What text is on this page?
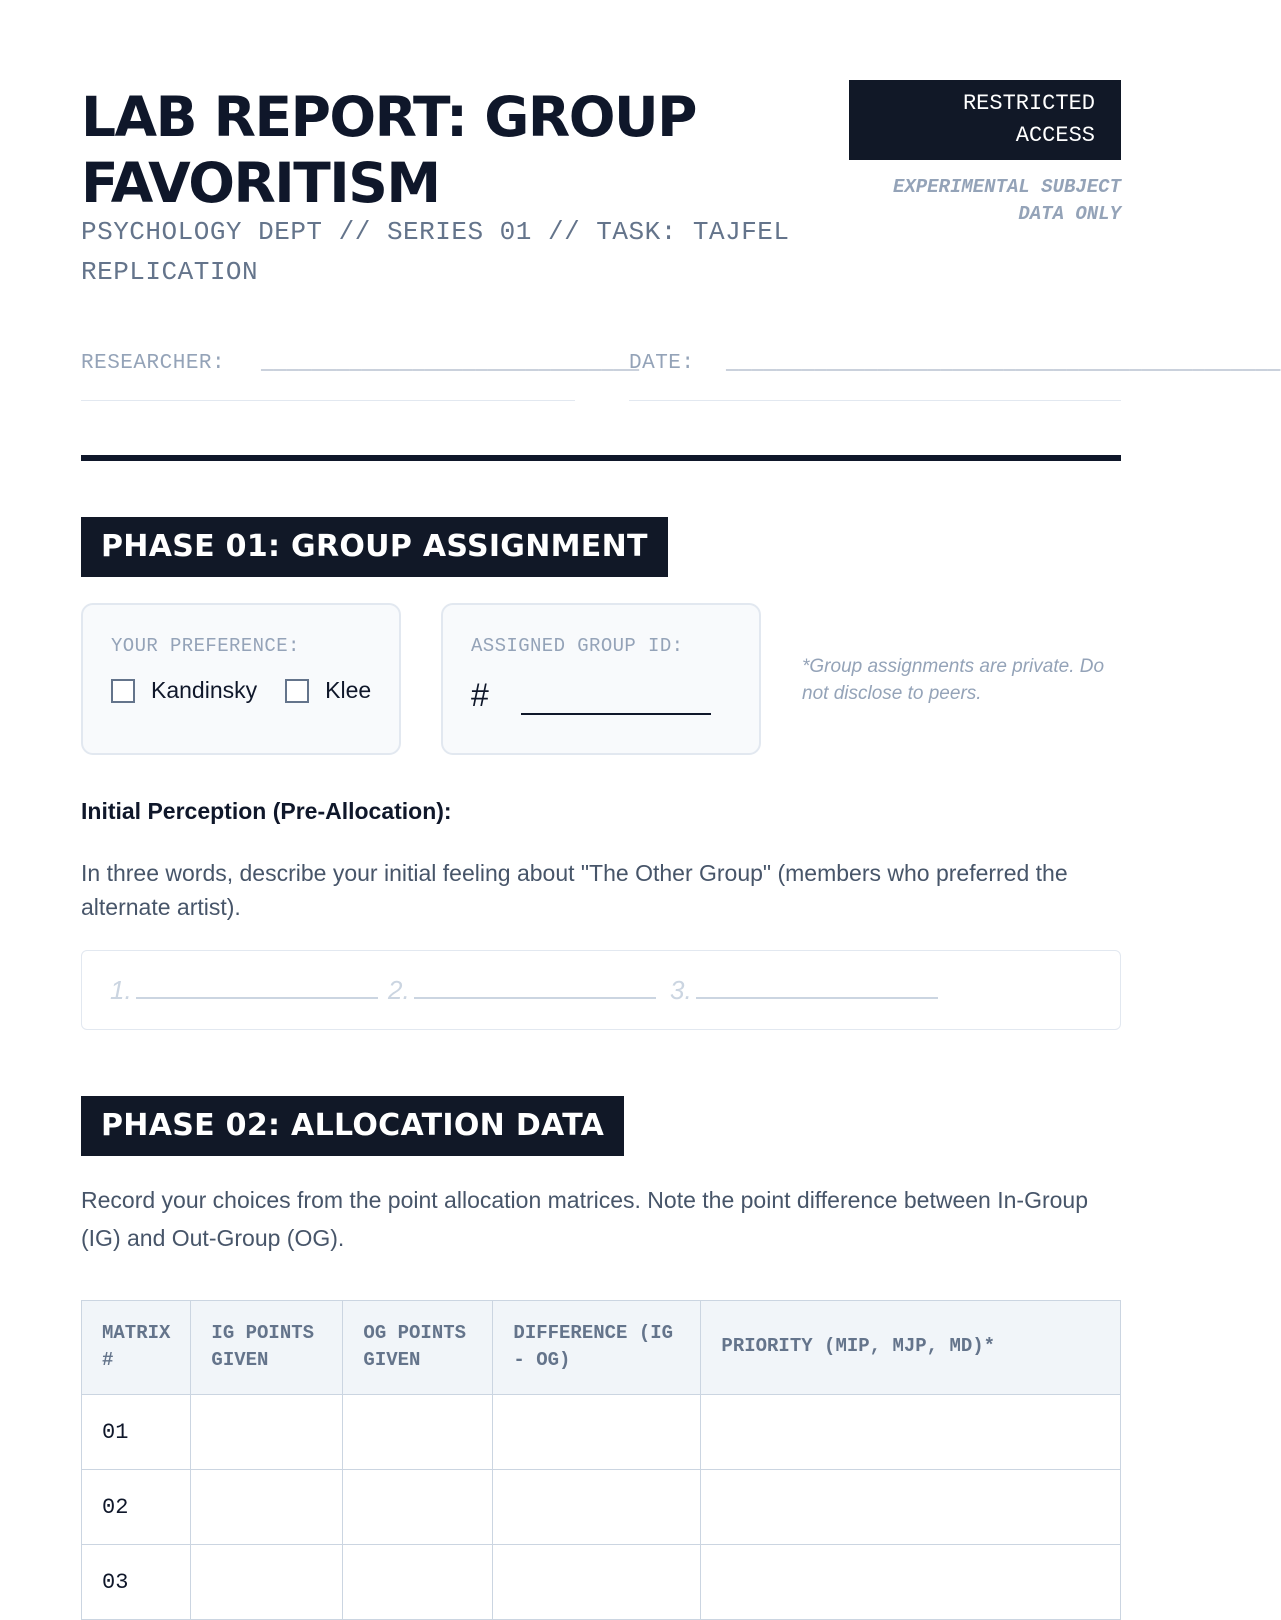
LAB REPORT: GROUP FAVORITISM
PSYCHOLOGY DEPT // SERIES 01 // TASK: TAJFEL REPLICATION
RESTRICTED ACCESS
EXPERIMENTAL SUBJECT DATA ONLY
RESEARCHER: ______________________________
DATE: ____________________________________________
PHASE 01: GROUP ASSIGNMENT
YOUR PREFERENCE:
Kandinsky	Klee
ASSIGNED GROUP ID:
#
*Group assignments are private. Do not disclose to peers.
Initial Perception (Pre-Allocation):
In three words, describe your initial feeling about "The Other Group" (members who preferred the alternate artist).
1.	2.	3.
PHASE 02: ALLOCATION DATA
Record your choices from the point allocation matrices. Note the point difference between In-Group (IG) and Out-Group (OG).
MATRIX #	IG POINTS GIVEN	OG POINTS GIVEN	DIFFERENCE (IG - OG)	PRIORITY (MIP, MJP, MD)*
01				
02				
03				
